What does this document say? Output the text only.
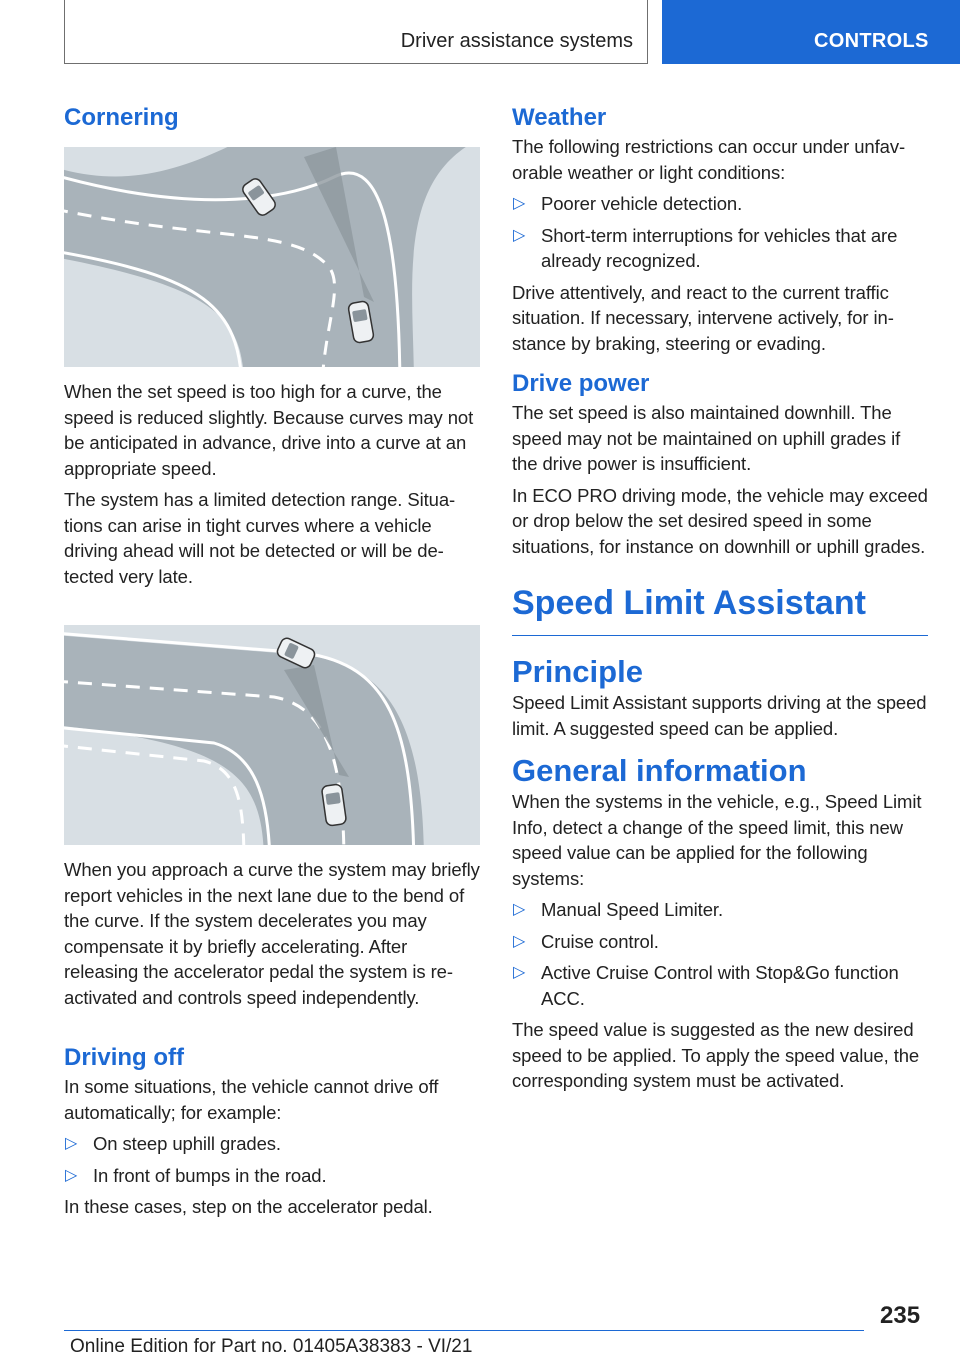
Driver assistance systems	CONTROLS
Cornering

When the set speed is too high for a curve, the speed is reduced slightly. Because curves may not be anticipated in advance, drive into a curve at an appropriate speed.

The system has a limited detection range. Situations can arise in tight curves where a vehicle driving ahead will not be detected or will be detected very late.

When you approach a curve the system may briefly report vehicles in the next lane due to the bend of the curve. If the system decelerates you may compensate it by briefly accelerating. After releasing the accelerator pedal the system is reactivated and controls speed independently.

Driving off

In some situations, the vehicle cannot drive off automatically; for example:

▷ On steep uphill grades.
▷ In front of bumps in the road.

In these cases, step on the accelerator pedal.

Weather

The following restrictions can occur under unfavorable weather or light conditions:

▷ Poorer vehicle detection.
▷ Short-term interruptions for vehicles that are already recognized.

Drive attentively, and react to the current traffic situation. If necessary, intervene actively, for instance by braking, steering or evading.

Drive power

The set speed is also maintained downhill. The speed may not be maintained on uphill grades if the drive power is insufficient.

In ECO PRO driving mode, the vehicle may exceed or drop below the set desired speed in some situations, for instance on downhill or uphill grades.

Speed Limit Assistant
Principle

Speed Limit Assistant supports driving at the speed limit. A suggested speed can be applied.

General information

When the systems in the vehicle, e.g., Speed Limit Info, detect a change of the speed limit, this new speed value can be applied for the following systems:

▷ Manual Speed Limiter.
▷ Cruise control.
▷ Active Cruise Control with Stop&Go function ACC.

The speed value is suggested as the new desired speed to be applied. To apply the speed value, the corresponding system must be activated.

235
Online Edition for Part no. 01405A38383 - VI/21
